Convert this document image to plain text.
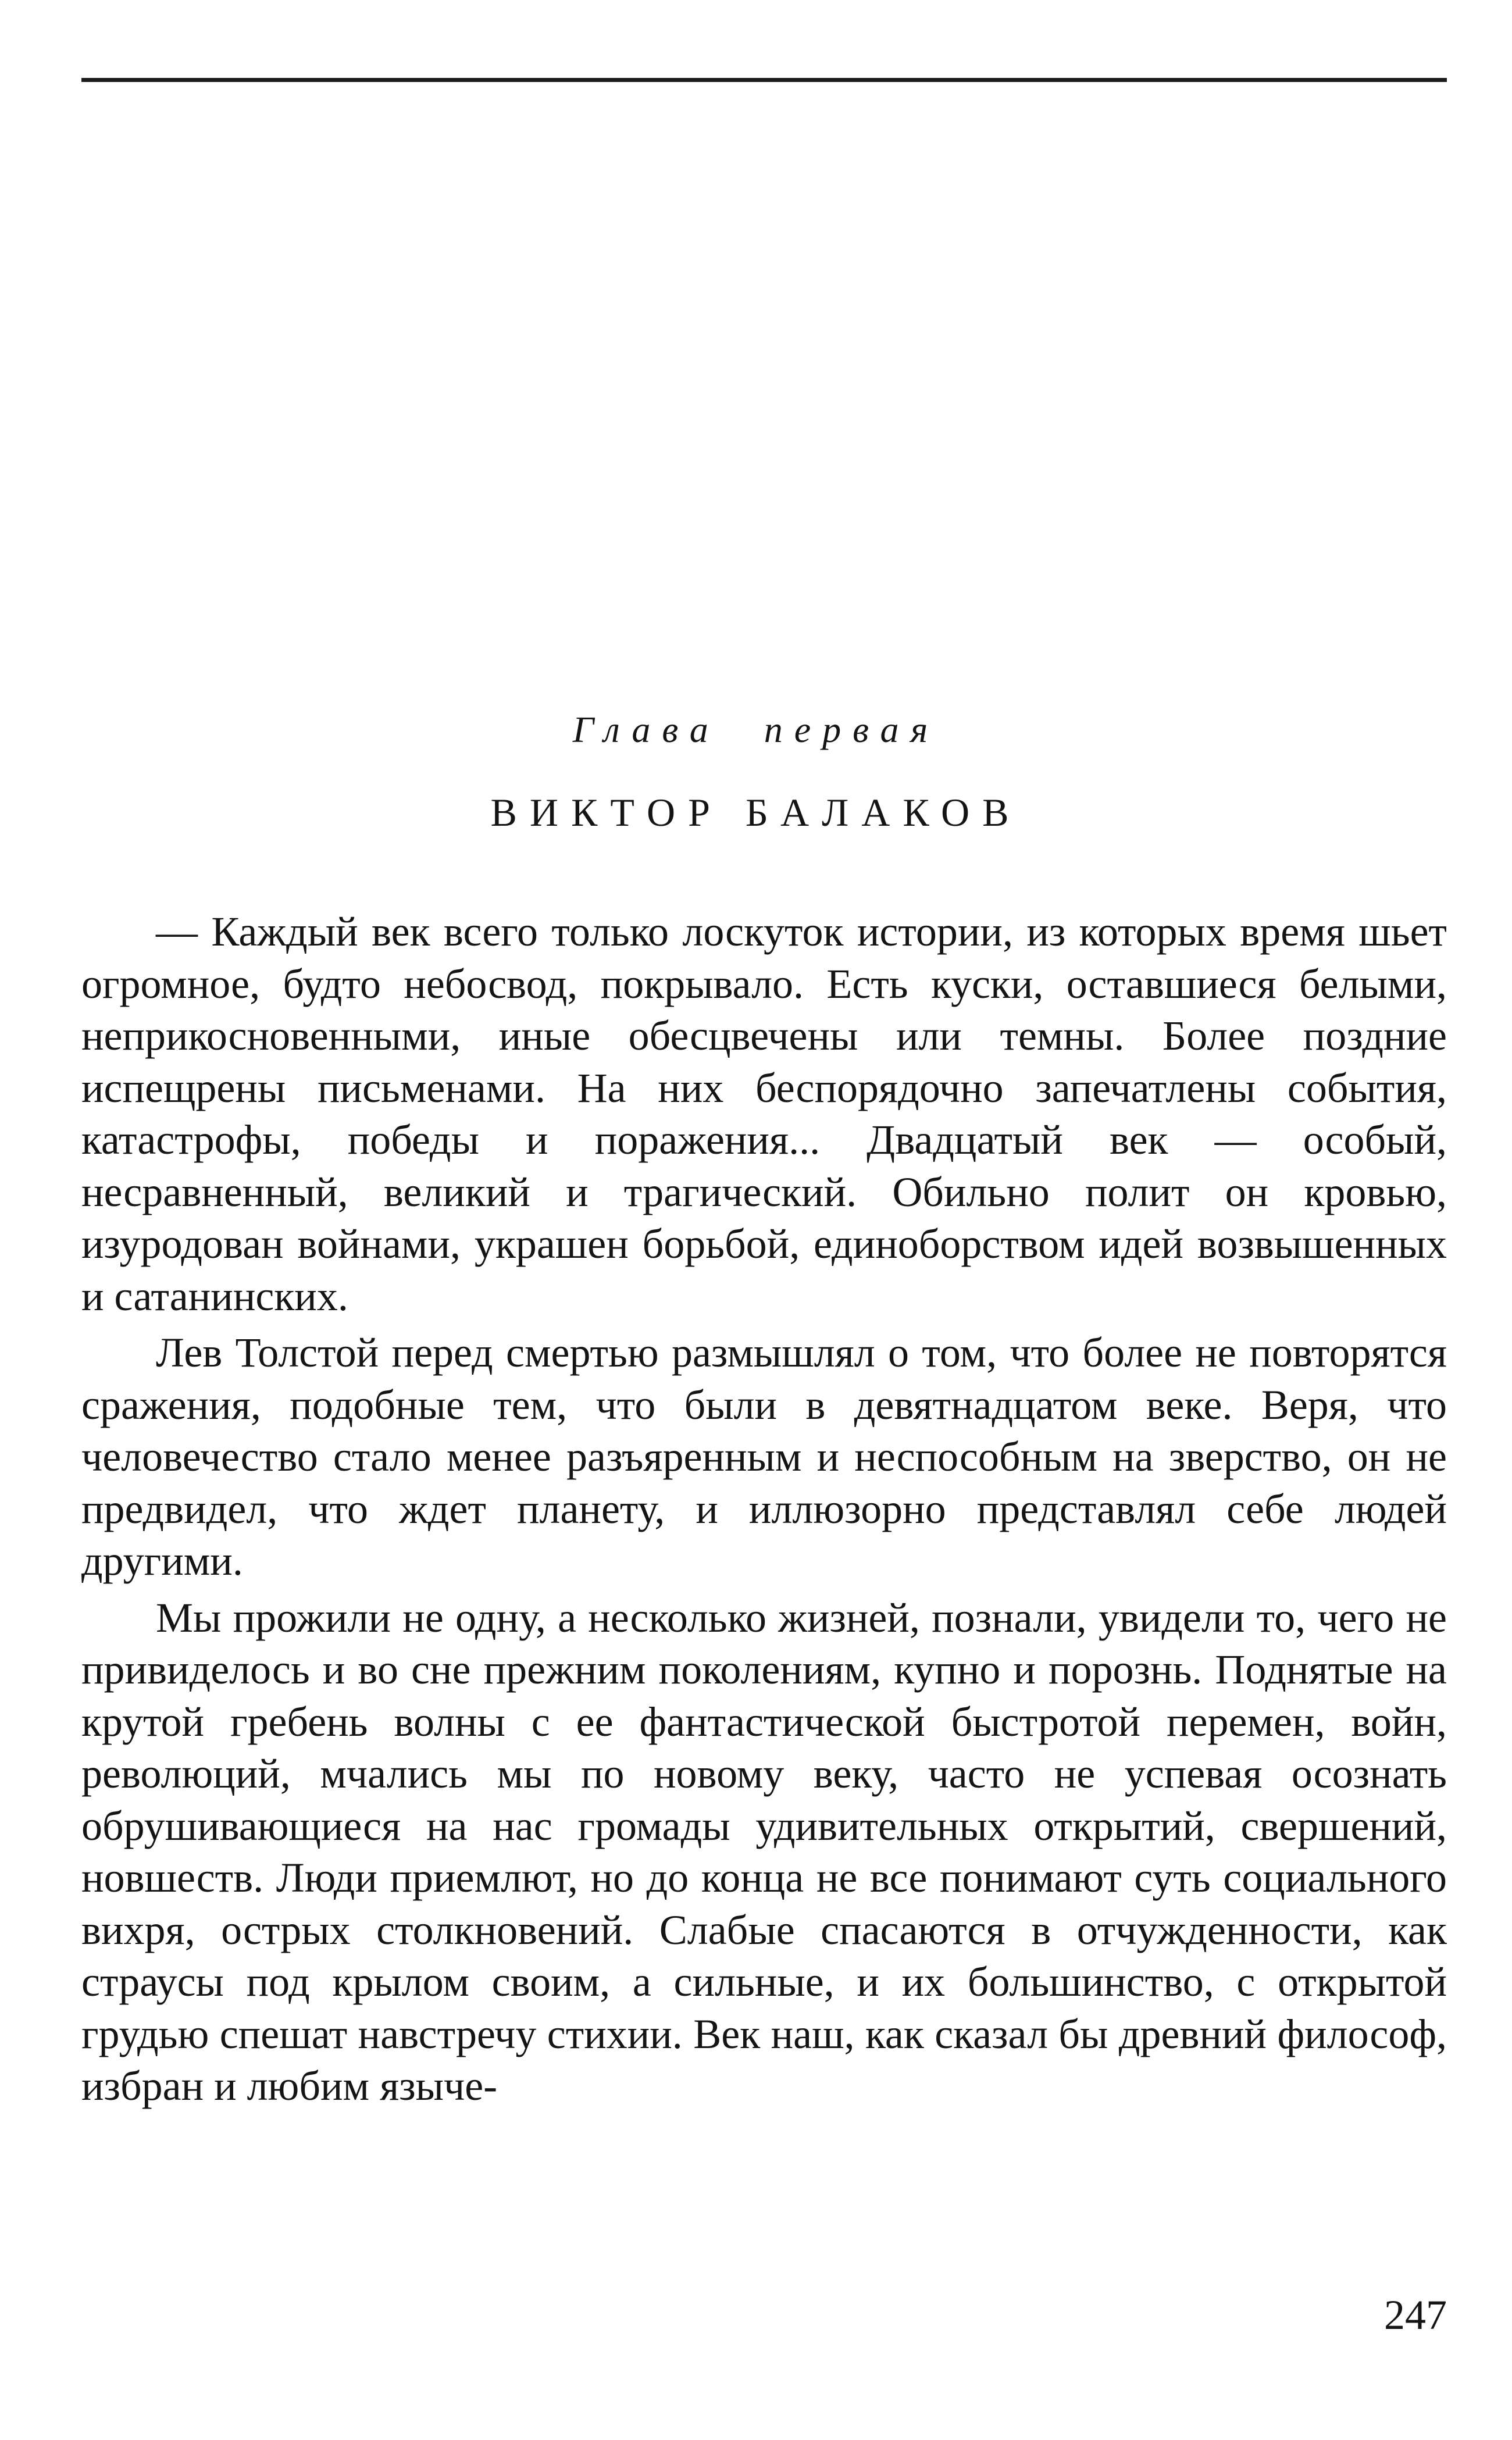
Глава первая
ВИКТОР БАЛАКОВ

— Каждый век всего только лоскуток истории, из которых время шьет огромное, будто небосвод, покрывало. Есть куски, оставшиеся белыми, неприкосновенными, иные обесцвечены или темны. Более поздние испещрены письменами. На них беспорядочно запечатлены события, катастрофы, победы и поражения... Двадцатый век — особый, несравненный, великий и трагический. Обильно полит он кровью, изуродован войнами, украшен борьбой, единоборством идей возвышенных и сатанинских.

Лев Толстой перед смертью размышлял о том, что более не повторятся сражения, подобные тем, что были в девятнадцатом веке. Веря, что человечество стало менее разъяренным и неспособным на зверство, он не предвидел, что ждет планету, и иллюзорно представлял себе людей другими.

Мы прожили не одну, а несколько жизней, познали, увидели то, чего не привиделось и во сне прежним поколениям, купно и порознь. Поднятые на крутой гребень волны с ее фантастической быстротой перемен, войн, революций, мчались мы по новому веку, часто не успевая осознать обрушивающиеся на нас громады удивительных открытий, свершений, новшеств. Люди приемлют, но до конца не все понимают суть социального вихря, острых столкновений. Слабые спасаются в отчужденности, как страусы под крылом своим, а сильные, и их большинство, с открытой грудью спешат навстречу стихии. Век наш, как сказал бы древний философ, избран и любим языче-

247
